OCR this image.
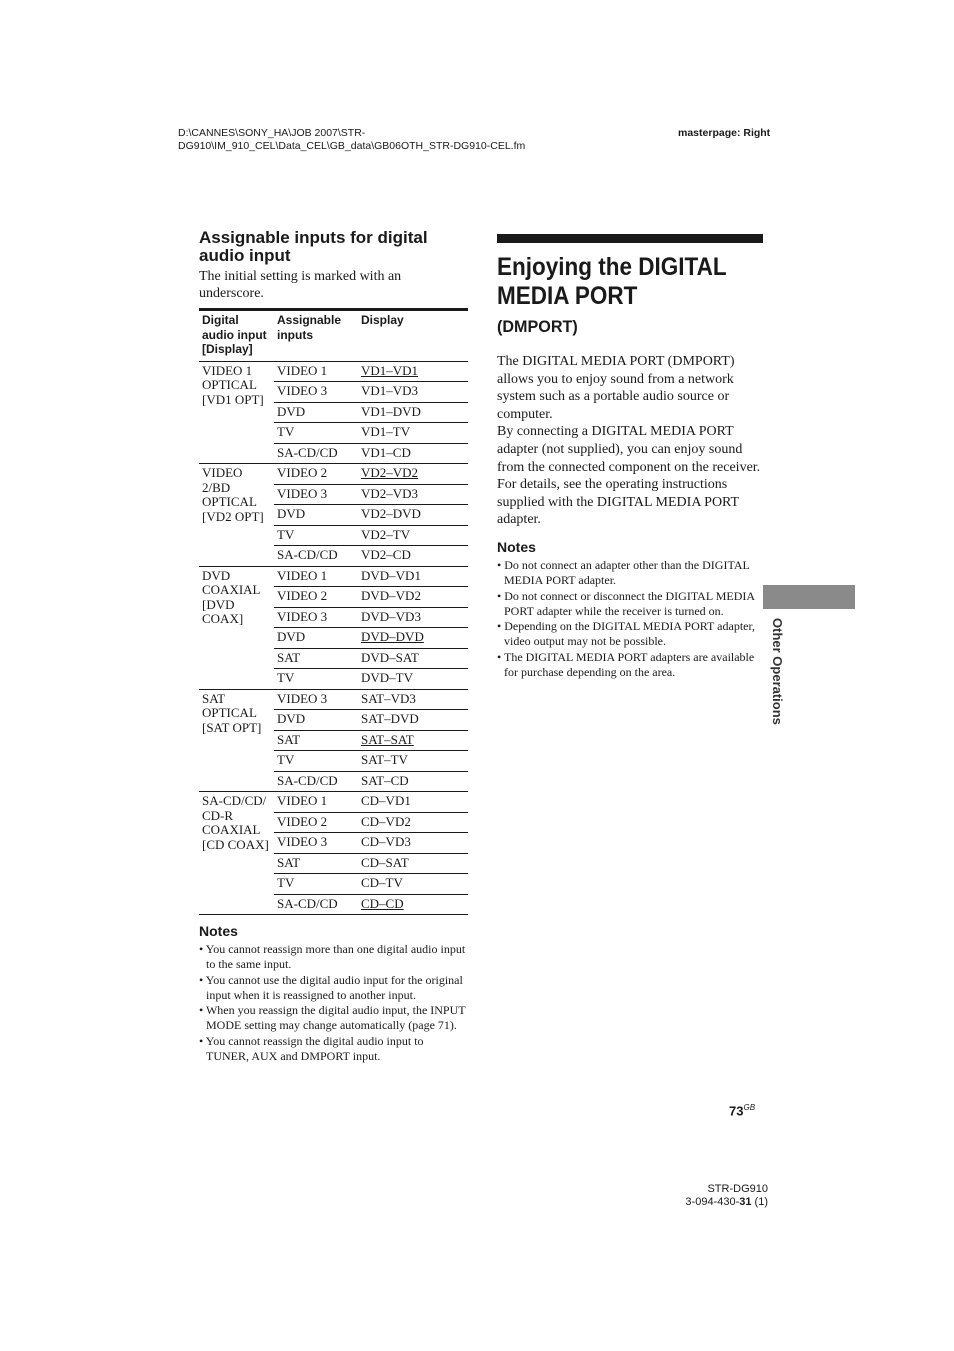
D:\CANNES\SONY_HA\JOB 2007\STR-
DG910\IM_910_CEL\Data_CEL\GB_data\GB06OTH_STR-DG910-CEL.fm
masterpage: Right
Assignable inputs for digital audio input
The initial setting is marked with an underscore.
Digital audio input [Display]	Assignable inputs	Display
VIDEO 1 OPTICAL [VD1 OPT]	VIDEO 1	VD1–VD1
	VIDEO 3	VD1–VD3
	DVD	VD1–DVD
	TV	VD1–TV
	SA-CD/CD	VD1–CD
VIDEO 2/BD OPTICAL [VD2 OPT]	VIDEO 2	VD2–VD2
	VIDEO 3	VD2–VD3
	DVD	VD2–DVD
	TV	VD2–TV
	SA-CD/CD	VD2–CD
DVD COAXIAL [DVD COAX]	VIDEO 1	DVD–VD1
	VIDEO 2	DVD–VD2
	VIDEO 3	DVD–VD3
	DVD	DVD–DVD
	SAT	DVD–SAT
	TV	DVD–TV
SAT OPTICAL [SAT OPT]	VIDEO 3	SAT–VD3
	DVD	SAT–DVD
	SAT	SAT–SAT
	TV	SAT–TV
	SA-CD/CD	SAT–CD
SA-CD/CD/ CD-R COAXIAL [CD COAX]	VIDEO 1	CD–VD1
	VIDEO 2	CD–VD2
	VIDEO 3	CD–VD3
	SAT	CD–SAT
	TV	CD–TV
	SA-CD/CD	CD–CD
Notes
• You cannot reassign more than one digital audio input to the same input.
• You cannot use the digital audio input for the original input when it is reassigned to another input.
• When you reassign the digital audio input, the INPUT MODE setting may change automatically (page 71).
• You cannot reassign the digital audio input to TUNER, AUX and DMPORT input.
Enjoying the DIGITAL
MEDIA PORT
(DMPORT)

The DIGITAL MEDIA PORT (DMPORT) allows you to enjoy sound from a network system such as a portable audio source or computer.

By connecting a DIGITAL MEDIA PORT adapter (not supplied), you can enjoy sound from the connected component on the receiver.

For details, see the operating instructions supplied with the DIGITAL MEDIA PORT adapter.

Notes
• Do not connect an adapter other than the DIGITAL MEDIA PORT adapter.
• Do not connect or disconnect the DIGITAL MEDIA PORT adapter while the receiver is turned on.
• Depending on the DIGITAL MEDIA PORT adapter, video output may not be possible.
• The DIGITAL MEDIA PORT adapters are available for purchase depending on the area.	Other Operations
$73^{GB}$
STR-DG910
3-094-430-31 (1)
